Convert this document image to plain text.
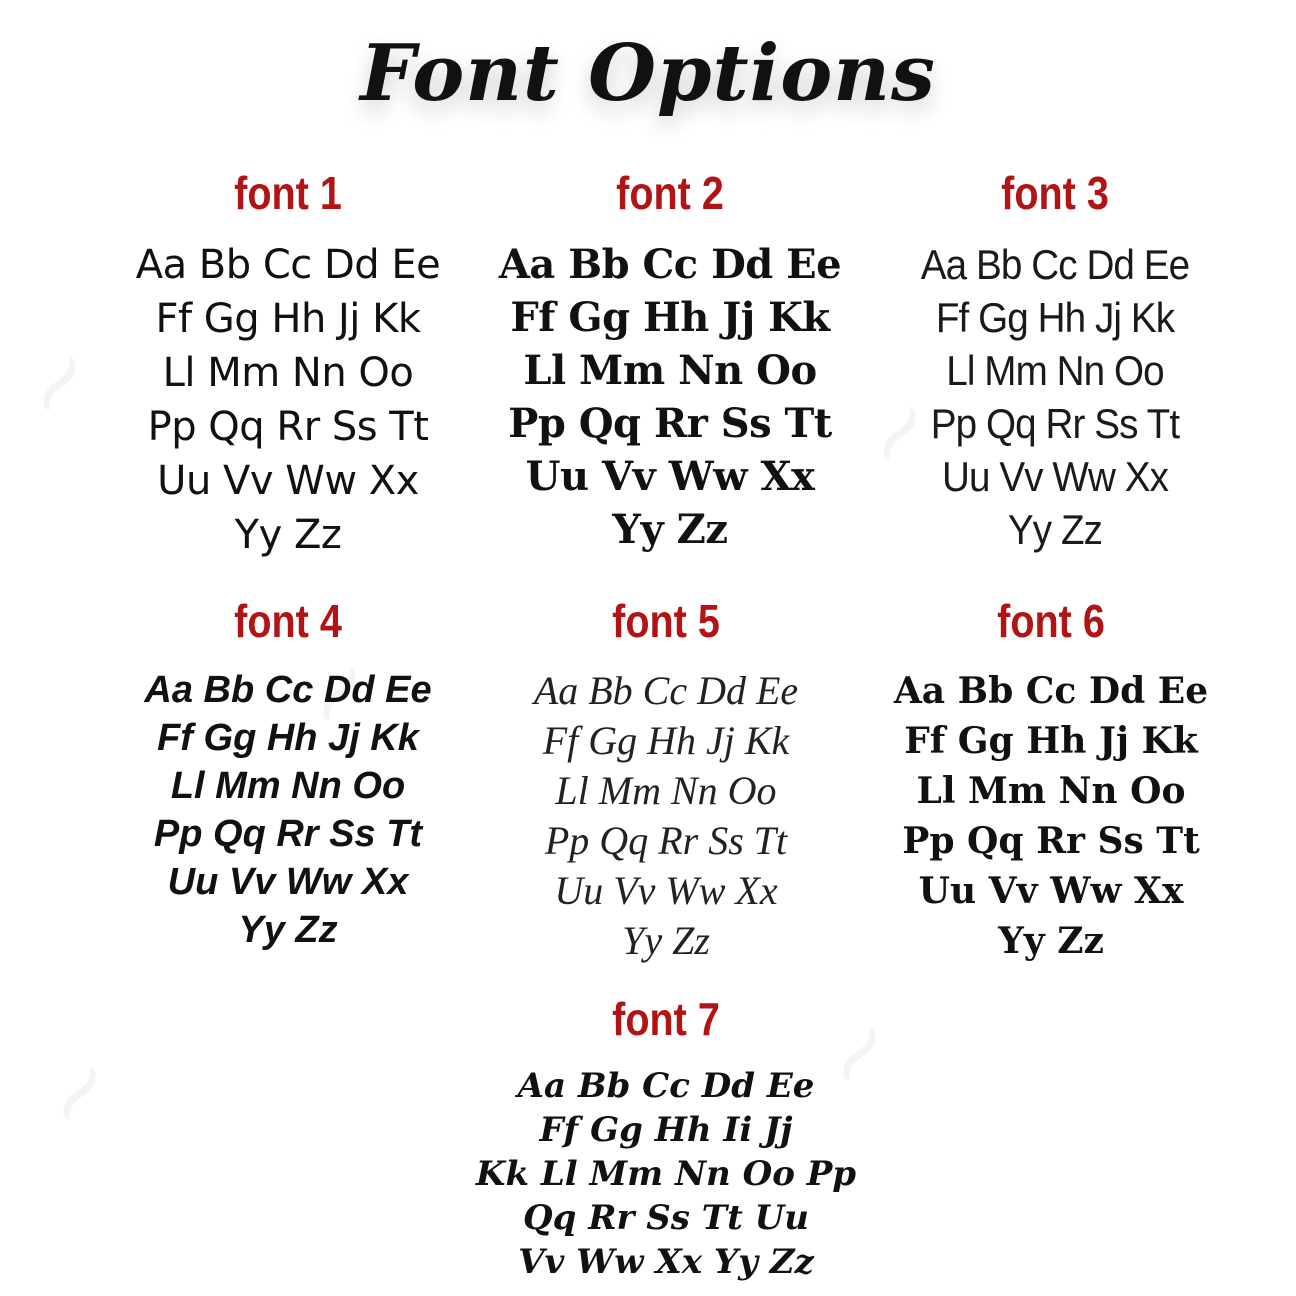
Font Options
font 1
Aa Bb Cc Dd Ee
Ff Gg Hh Jj Kk
Ll Mm Nn Oo
Pp Qq Rr Ss Tt
Uu Vv Ww Xx
Yy Zz
font 2
Aa Bb Cc Dd Ee
Ff Gg Hh Jj Kk
Ll Mm Nn Oo
Pp Qq Rr Ss Tt
Uu Vv Ww Xx
Yy Zz
font 3
Aa Bb Cc Dd Ee
Ff Gg Hh Jj Kk
Ll Mm Nn Oo
Pp Qq Rr Ss Tt
Uu Vv Ww Xx
Yy Zz
font 4
Aa Bb Cc Dd Ee
Ff Gg Hh Jj Kk
Ll Mm Nn Oo
Pp Qq Rr Ss Tt
Uu Vv Ww Xx
Yy Zz
font 5
Aa Bb Cc Dd Ee
Ff Gg Hh Jj Kk
Ll Mm Nn Oo
Pp Qq Rr Ss Tt
Uu Vv Ww Xx
Yy Zz
font 6
Aa Bb Cc Dd Ee
Ff Gg Hh Jj Kk
Ll Mm Nn Oo
Pp Qq Rr Ss Tt
Uu Vv Ww Xx
Yy Zz
font 7
Aa Bb Cc Dd Ee
Ff Gg Hh Ii Jj
Kk Ll Mm Nn Oo Pp
Qq Rr Ss Tt Uu
Vv Ww Xx Yy Zz
